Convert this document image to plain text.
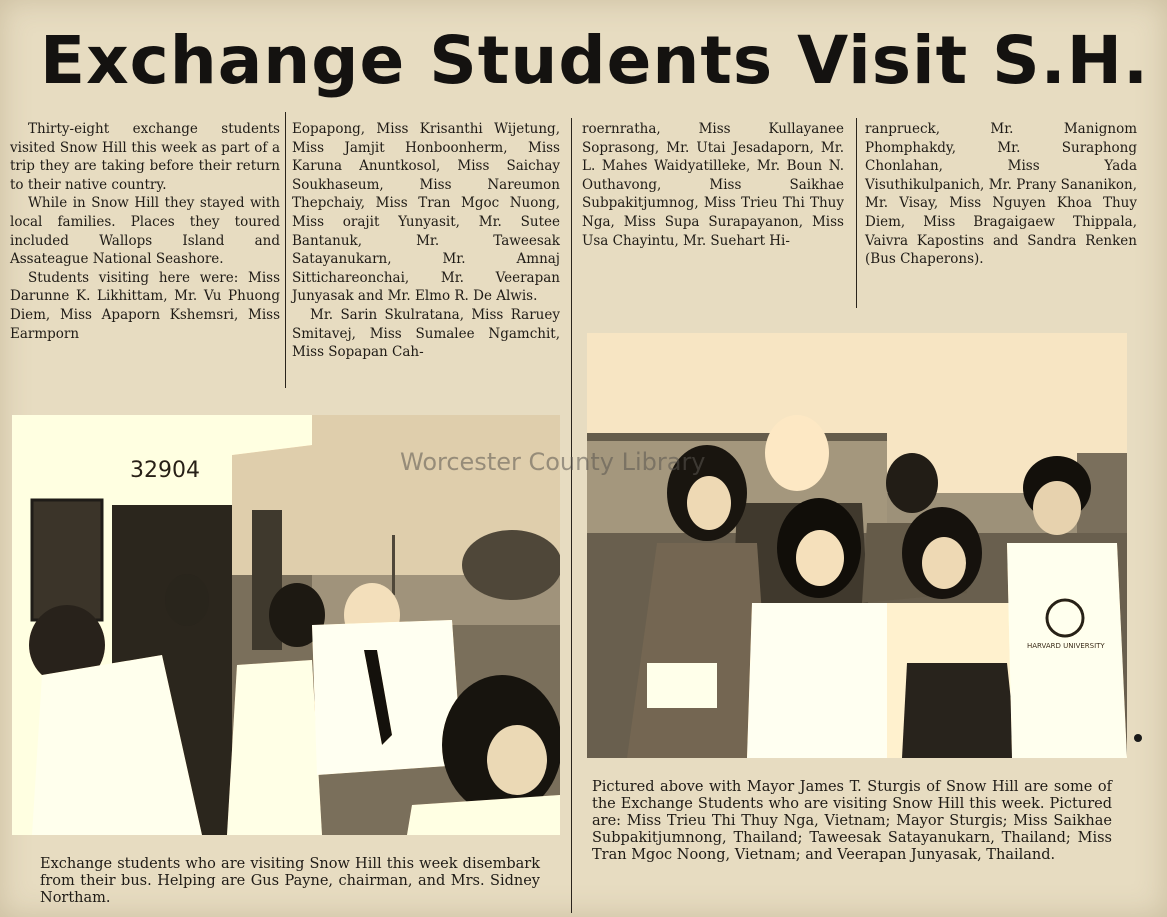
Exchange Students Visit S.H.

Thirty-eight exchange students visited Snow Hill this week as part of a trip they are taking before their return to their native country.

While in Snow Hill they stayed with local families. Places they toured included Wallops Island and Assateague National Seashore.

Students visiting here were: Miss Darunne K. Likhittam, Mr. Vu Phuong Diem, Miss Apaporn Kshemsri, Miss Earmporn

Eopapong, Miss Krisanthi Wijetung, Miss Jamjit Honboonherm, Miss Karuna Anuntkosol, Miss Saichay Soukhaseum, Miss Nareumon Thepchaiy, Miss Tran Mgoc Nuong, Miss orajit Yunyasit, Mr. Sutee Bantanuk, Mr. Taweesak Satayanukarn, Mr. Amnaj Sitticharеonchai, Mr. Veerapan Junyasak and Mr. Elmo R. De Alwis.

Mr. Sarin Skulratana, Miss Raruey Smitavej, Miss Sumalee Ngamchit, Miss Sopapan Cah-

roernratha, Miss Kullayanee Soprasong, Mr. Utai Jesadaporn, Mr. L. Mahes Waidyatilleke, Mr. Boun N. Outhavong, Miss Saikhae Subpakitjumnog, Miss Trieu Thi Thuy Nga, Miss Supa Surapayanon, Miss Usa Chayintu, Mr. Suehart Hi-

ranprueck, Mr. Manignom Phomphakdy, Mr. Suraphong Chonlahan, Miss Yada Visuthikulpanich, Mr. Prany Sananikon, Mr. Visay, Miss Nguyen Khoa Thuy Diem, Miss Bragaigaew Thippala, Vaivra Kapostins and Sandra Renken (Bus Chaperons).

32904
HARVARD UNIVERSITY
Exchange students who are visiting Snow Hill this week disembark from their bus. Helping are Gus Payne, chairman, and Mrs. Sidney Northam.
Pictured above with Mayor James T. Sturgis of Snow Hill are some of the Exchange Students who are visiting Snow Hill this week. Pictured are: Miss Trieu Thi Thuy Nga, Vietnam; Mayor Sturgis; Miss Saikhae Subpakitjumnong, Thailand; Taweesak Satayanukarn, Thailand; Miss Tran Mgoc Noong, Vietnam; and Veerapan Junyasak, Thailand.
Worcester County Library
